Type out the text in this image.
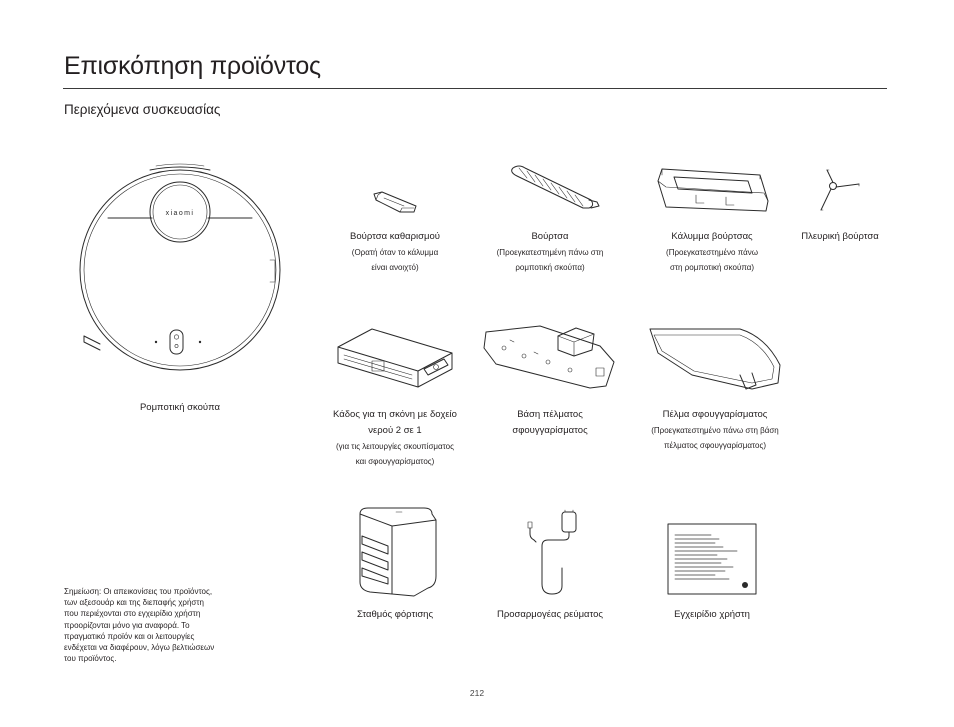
Επισκόπηση προϊόντος
Περιεχόμενα συσκευασίας
xiaomi
Ρομποτική σκούπα
Βούρτσα καθαρισμού
(Ορατή όταν το κάλυμμα
είναι ανοιχτό)
Βούρτσα
(Προεγκατεστημένη πάνω στη
ρομποτική σκούπα)
Κάλυμμα βούρτσας
(Προεγκατεστημένο πάνω
στη ρομποτική σκούπα)
Πλευρική βούρτσα
Κάδος για τη σκόνη με δοχείο
νερού 2 σε 1
(για τις λειτουργίες σκουπίσματος
και σφουγγαρίσματος)
Βάση πέλματος
σφουγγαρίσματος
Πέλμα σφουγγαρίσματος
(Προεγκατεστημένο πάνω στη βάση
πέλματος σφουγγαρίσματος)
Σταθμός φόρτισης	Προσαρμογέας ρεύματος	Εγχειρίδιο χρήστη
Σημείωση: Οι απεικονίσεις του προϊόντος,
των αξεσουάρ και της διεπαφής χρήστη
που περιέχονται στο εγχειρίδιο χρήστη
προορίζονται μόνο για αναφορά. Το
πραγματικό προϊόν και οι λειτουργίες
ενδέχεται να διαφέρουν, λόγω βελτιώσεων
του προϊόντος.
212
